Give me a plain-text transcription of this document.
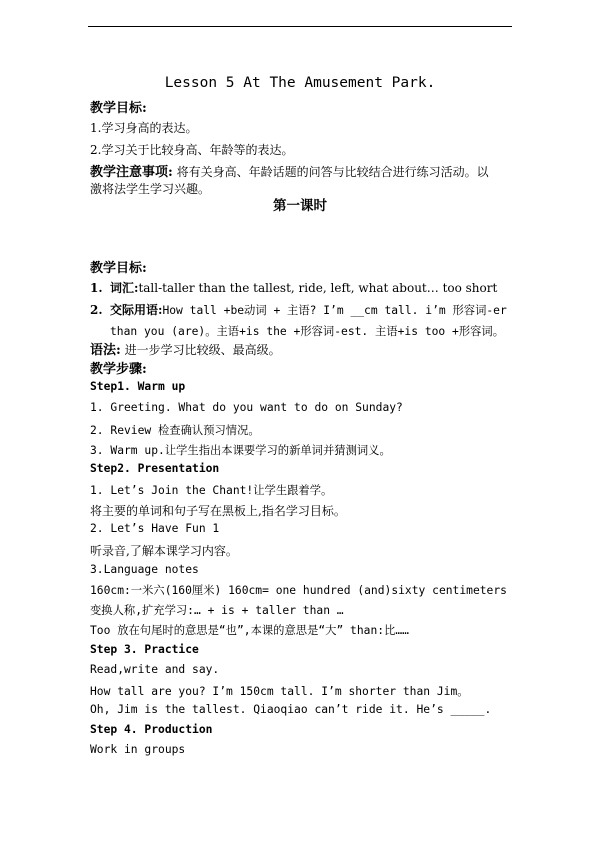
Lesson 5 At The Amusement Park.
教学目标:
1.学习身高的表达。
2.学习关于比较身高、年龄等的表达。
教学注意事项: 将有关身高、年龄话题的问答与比较结合进行练习活动。以
激将法学生学习兴趣。
第一课时
教学目标:
1. 词汇:tall-taller than the tallest, ride, left, what about… too short
2. 交际用语:How tall +be动词 + 主语? I’m __cm tall. i’m 形容词-er
than you (are)。主语+is the +形容词-est. 主语+is too +形容词。
语法: 进一步学习比较级、最高级。
教学步骤:
Step1. Warm up
1. Greeting. What do you want to do on Sunday?
2. Review 检查确认预习情况。
3. Warm up.让学生指出本课要学习的新单词并猜测词义。
Step2. Presentation
1. Let’s Join the Chant!让学生跟着学。
将主要的单词和句子写在黑板上,指名学习目标。
2. Let’s Have Fun 1
听录音,了解本课学习内容。
3.Language notes
160cm:一米六(160厘米) 160cm= one hundred (and)sixty centimeters
变换人称,扩充学习:… + is + taller than …
Too 放在句尾时的意思是“也”,本课的意思是“大” than:比……
Step 3. Practice
Read,write and say.
How tall are you? I’m 150cm tall. I’m shorter than Jim。
Oh, Jim is the tallest. Qiaoqiao can’t ride it. He’s _____.
Step 4. Production
Work in groups
